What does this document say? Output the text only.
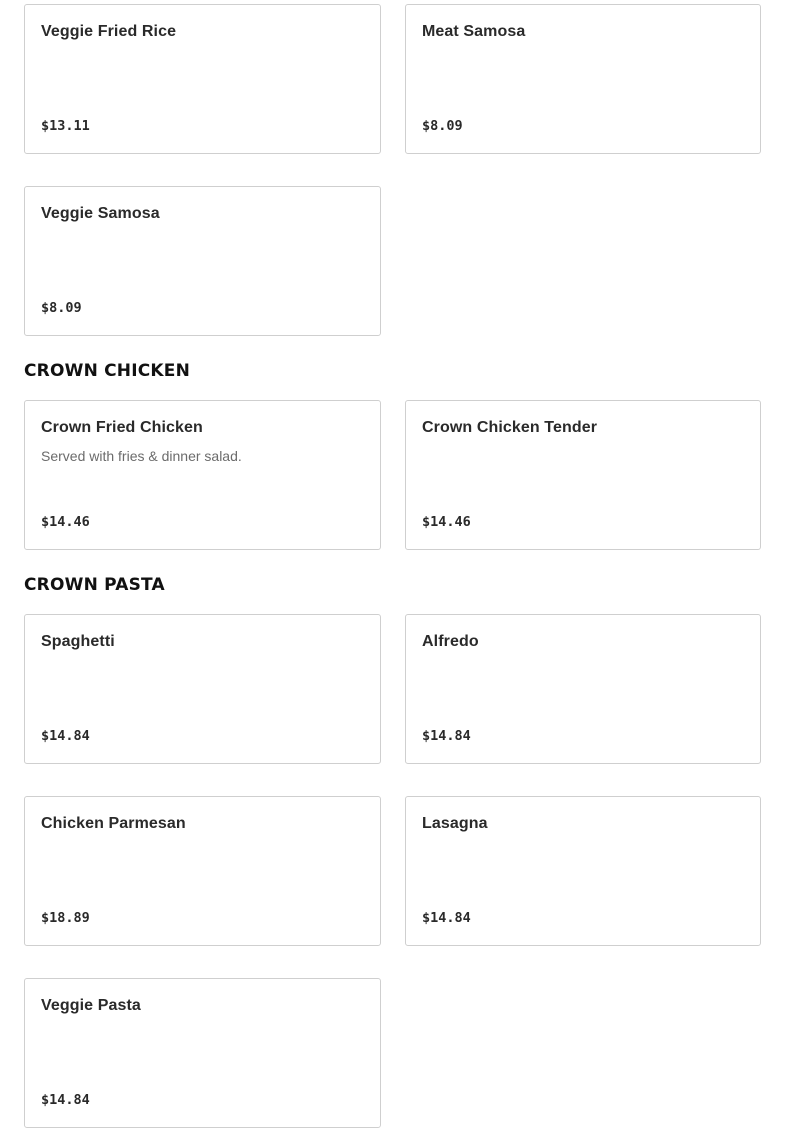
Veggie Fried Rice
$13.11
Meat Samosa
$8.09
Veggie Samosa
$8.09
CROWN CHICKEN
Crown Fried Chicken
Served with fries & dinner salad.
$14.46
Crown Chicken Tender
$14.46
CROWN PASTA
Spaghetti
$14.84
Alfredo
$14.84
Chicken Parmesan
$18.89
Lasagna
$14.84
Veggie Pasta
$14.84
